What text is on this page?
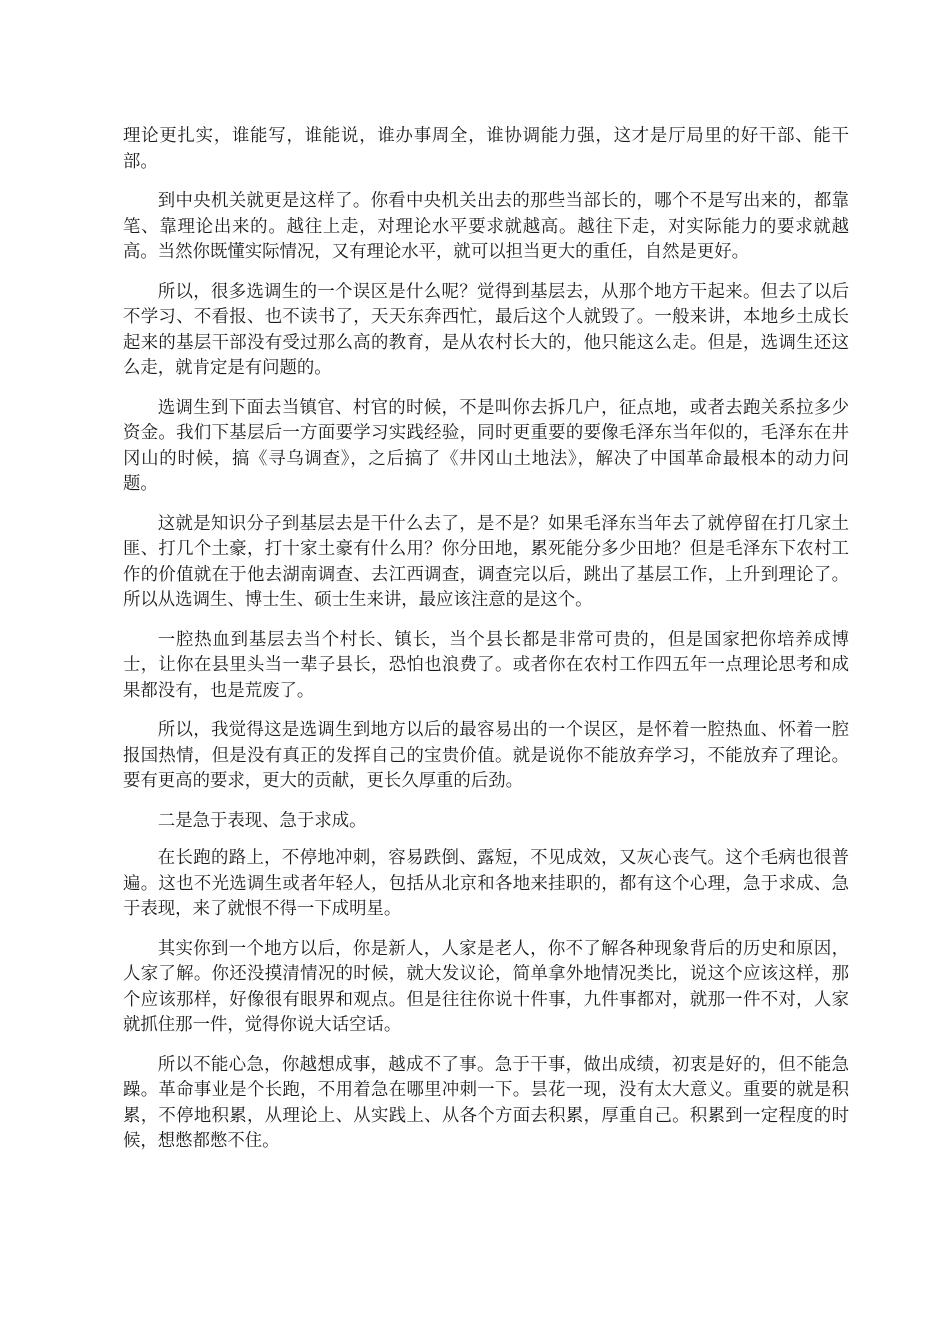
理论更扎实，谁能写，谁能说，谁办事周全，谁协调能力强，这才是厅局里的好干部、能干部。

到中央机关就更是这样了。你看中央机关出去的那些当部长的，哪个不是写出来的，都靠笔、靠理论出来的。越往上走，对理论水平要求就越高。越往下走，对实际能力的要求就越高。当然你既懂实际情况，又有理论水平，就可以担当更大的重任，自然是更好。

所以，很多选调生的一个误区是什么呢？觉得到基层去，从那个地方干起来。但去了以后不学习、不看报、也不读书了，天天东奔西忙，最后这个人就毁了。一般来讲，本地乡土成长起来的基层干部没有受过那么高的教育，是从农村长大的，他只能这么走。但是，选调生还这么走，就肯定是有问题的。

选调生到下面去当镇官、村官的时候，不是叫你去拆几户，征点地，或者去跑关系拉多少资金。我们下基层后一方面要学习实践经验，同时更重要的要像毛泽东当年似的，毛泽东在井冈山的时候，搞《寻乌调查》，之后搞了《井冈山土地法》，解决了中国革命最根本的动力问题。

这就是知识分子到基层去是干什么去了，是不是？如果毛泽东当年去了就停留在打几家土匪、打几个土豪，打十家土豪有什么用？你分田地，累死能分多少田地？但是毛泽东下农村工作的价值就在于他去湖南调查、去江西调查，调查完以后，跳出了基层工作，上升到理论了。所以从选调生、博士生、硕士生来讲，最应该注意的是这个。

一腔热血到基层去当个村长、镇长，当个县长都是非常可贵的，但是国家把你培养成博士，让你在县里头当一辈子县长，恐怕也浪费了。或者你在农村工作四五年一点理论思考和成果都没有，也是荒废了。

所以，我觉得这是选调生到地方以后的最容易出的一个误区，是怀着一腔热血、怀着一腔报国热情，但是没有真正的发挥自己的宝贵价值。就是说你不能放弃学习，不能放弃了理论。要有更高的要求，更大的贡献，更长久厚重的后劲。

二是急于表现、急于求成。

在长跑的路上，不停地冲刺，容易跌倒、露短，不见成效，又灰心丧气。这个毛病也很普遍。这也不光选调生或者年轻人，包括从北京和各地来挂职的，都有这个心理，急于求成、急于表现，来了就恨不得一下成明星。

其实你到一个地方以后，你是新人，人家是老人，你不了解各种现象背后的历史和原因，人家了解。你还没摸清情况的时候，就大发议论，简单拿外地情况类比，说这个应该这样，那个应该那样，好像很有眼界和观点。但是往往你说十件事，九件事都对，就那一件不对，人家就抓住那一件，觉得你说大话空话。

所以不能心急，你越想成事，越成不了事。急于干事，做出成绩，初衷是好的，但不能急躁。革命事业是个长跑，不用着急在哪里冲刺一下。昙花一现，没有太大意义。重要的就是积累，不停地积累，从理论上、从实践上、从各个方面去积累，厚重自己。积累到一定程度的时候，想憋都憋不住。
